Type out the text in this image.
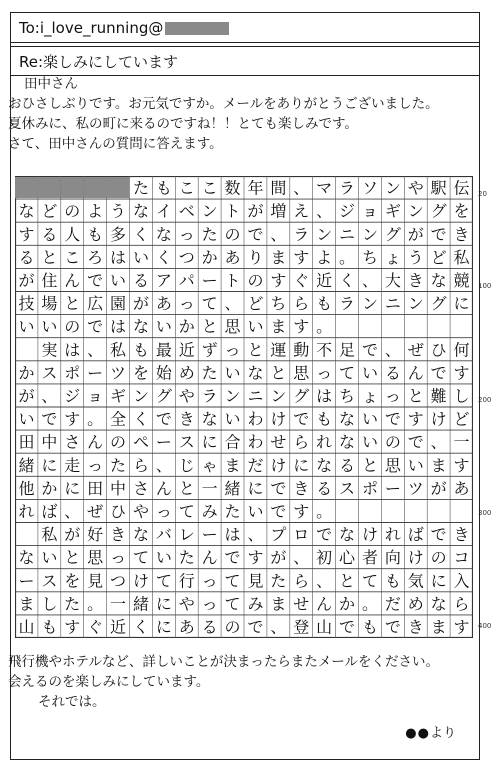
To:i_love_running@
Re:楽しみにしています

田中さん

おひさしぶりです。お元気ですか。メールをありがとうございました。

夏休みに、私の町に来るのですね！！とても楽しみです。

さて、田中さんの質問に答えます。

た も こ こ 数 年 間 、 マ ラ ソ ン や 駅 伝
な ど の よ う な イ ベ ン ト が 増 え 、 ジ ョ ギ ン グ を
す る 人 も 多 く な っ た の で 、 ラ ン ニ ン グ が で き
る と こ ろ は い く つ か あ り ま す よ 。 ち ょ う ど 私
が 住 ん で い る ア パ ー ト の す ぐ 近 く 、 大 き な 競
技 場 と 広 園 が あ っ て 、 ど ち ら も ラ ン ニ ン グ に
い い の で は な い か と 思 い ま す 。
実 は 、 私 も 最 近 ず っ と 運 動 不 足 で 、 ぜ ひ 何
か ス ポ ー ツ を 始 め た い な と 思 っ て い る ん で す
が 、 ジ ョ ギ ン グ や ラ ン ニ ン グ は ち ょ っ と 難 し
い で す 。 全 く で き な い わ け で も な い で す け ど
田 中 さ ん の ペ ー ス に 合 わ せ ら れ な い の で 、 一
緒 に 走 っ た ら 、 じ ゃ ま だ け に な る と 思 い ま す
他 か に 田 中 さ ん と 一 緒 に で き る ス ポ ー ツ が あ
れ ば 、 ぜ ひ や っ て み た い で す 。
私 が 好 き な バ レ ー は 、 プ ロ で な け れ ば で き
な い と 思 っ て い た ん で す が 、 初 心 者 向 け の コ
ー ス を 見 つ け て 行 っ て 見 た ら 、 と て も 気 に 入
ま し た 。 一 緒 に や っ て み ま せ ん か 。 だ め な ら
山 も す ぐ 近 く に あ る の で 、 登 山 で も で き ま す
20
100
200
300
400

飛行機やホテルなど、詳しいことが決まったらまたメールをください。

会えるのを楽しみにしています。

それでは。

●●より
